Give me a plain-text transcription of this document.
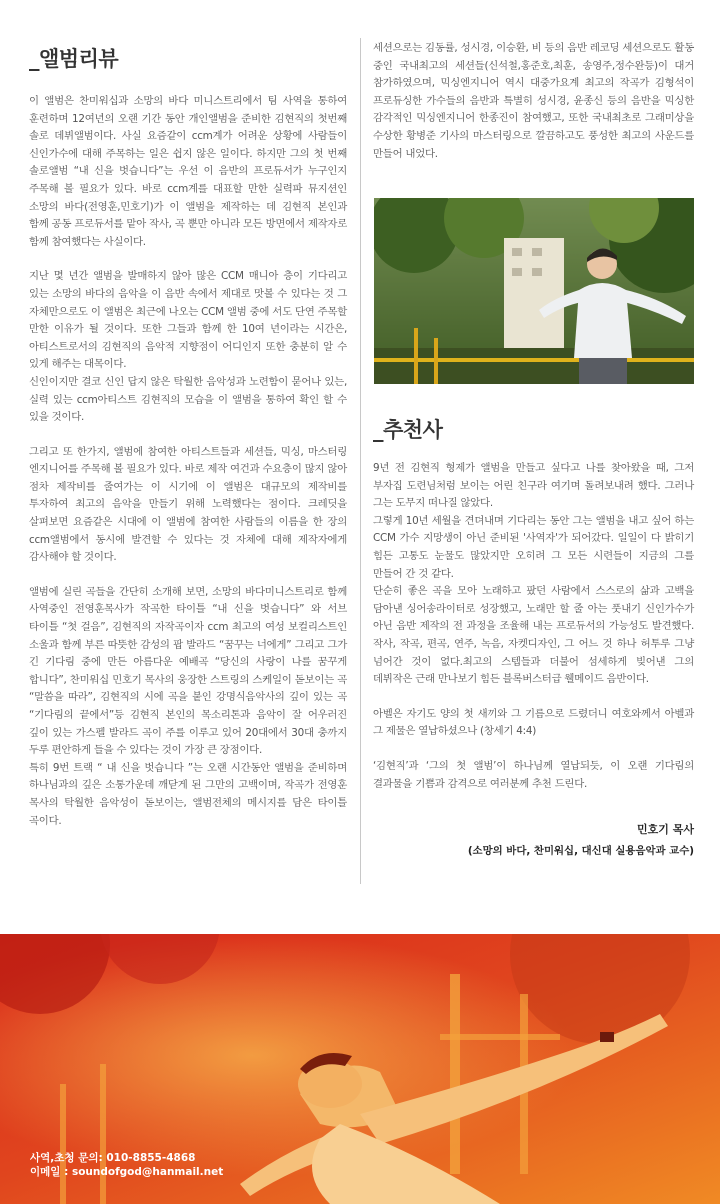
_앨범리뷰
이 앨범은 찬미워십과 소망의 바다 미니스트리에서 팀 사역을 통하여 훈련하며 12여년의 오랜 기간 동안 개인앨범을 준비한 김현직의 첫번째 솔로 데뷔앨범이다. 사실 요즘같이 ccm계가 어려운 상황에 사람들이 신인가수에 대해 주목하는 일은 쉽지 않은 일이다. 하지만 그의 첫 번째 솔로앨범 “내 신을 벗습니다”는 우선 이 음반의 프로듀서가 누구인지 주목해 볼 필요가 있다. 바로 ccm계를 대표할 만한 실력파 뮤지션인 소망의 바다(전영훈,민호기)가 이 앨범을 제작하는 데 김현직 본인과 함께 공동 프로듀서를 맡아 작사, 곡 뿐만 아니라 모든 방면에서 제작자로 함께 참여했다는 사실이다.
지난 몇 년간 앨범을 발매하지 않아 많은 CCM 매니아 층이 기다리고 있는 소망의 바다의 음악을 이 음반 속에서 제대로 맛볼 수 있다는 것 그 자체만으로도 이 앨범은 최근에 나오는 CCM 앨범 중에 서도 단연 주목할 만한 이유가 될 것이다. 또한 그들과 함께 한 10여 년이라는 시간은, 아티스트로서의 김현직의 음악적 지향점이 어디인지 또한 충분히 알 수 있게 해주는 대목이다.
신인이지만 결코 신인 답지 않은 탁월한 음악성과 노련함이 묻어나 있는, 실력 있는 ccm아티스트 김현직의 모습을 이 앨범을 통하여 확인 할 수 있을 것이다.
그리고 또 한가지, 앨범에 참여한 아티스트들과 세션들, 믹싱, 마스터링 엔지니어를 주목해 볼 필요가 있다. 바로 제작 여건과 수요층이 많지 않아 점차 제작비를 줄여가는 이 시기에 이 앨범은 대규모의 제작비를 투자하여 최고의 음악을 만들기 위해 노력했다는 점이다. 크레딧을 살펴보면 요즘같은 시대에 이 앨범에 참여한 사람들의 이름을 한 장의 ccm앨범에서 동시에 발견할 수 있다는 것 자체에 대해 제작자에게 감사해야 할 것이다.
앨범에 실린 곡들을 간단히 소개해 보면, 소망의 바다미니스트리로 함께 사역중인 전영훈목사가 작곡한 타이틀 “내 신을 벗습니다” 와 서브 타이틀 “첫 걸음”, 김현직의 자작곡이자 ccm 최고의 여성 보컬리스트인 소울과 함께 부른 따뜻한 감성의 팝 발라드 “꿈꾸는 너에게” 그리고 그가 긴 기다림 중에 만든 아름다운 예배곡 “당신의 사랑이 나를 꿈꾸게 합니다”, 찬미워십 민호기 목사의 웅장한 스트링의 스케일이 돋보이는 곡 “말씀을 따라”, 김현직의 시에 곡을 붙인 강명식음악사의 깊이 있는 곡 “기다림의 끝에서”등 김현직 본인의 목소리톤과 음악이 잘 어우러진 깊이 있는 가스펠 발라드 곡이 주를 이루고 있어 20대에서 30대 충까지 두루 편안하게 들을 수 있다는 것이 가장 큰 장점이다.
특히 9번 트랙 “ 내 신을 벗습니다 ”는 오랜 시간동안 앨범을 준비하며 하나님과의 깊은 소통가운데 깨닫게 된 그만의 고백이며, 작곡가 전영훈 목사의 탁월한 음악성이 돋보이는, 앨범전체의 메시지를 담은 타이틀 곡이다.
세션으로는 김동률, 성시경, 이승환, 비 등의 음반 레코딩 세션으로도 활동 중인 국내최고의 세션들(신석철,홍준호,최훈, 송영주,정수완등)이 대거 참가하였으며, 믹싱엔지니어 역시 대중가요계 최고의 작곡가 김형석이 프로듀싱한 가수들의 음반과 특별히 성시경, 윤종신 등의 음반을 믹싱한 감각적인 믹싱엔지니어 한종진이 참여했고, 또한 국내최초로 그래미상을 수상한 황병준 기사의 마스터링으로 깔끔하고도 풍성한 최고의 사운드를 만들어 내었다.
_추천사
9년 전 김현직 형제가 앨범을 만들고 싶다고 나를 찾아왔을 때, 그저 부자집 도련님처럼 보이는 어린 친구라 여기며 돌려보내려 했다. 그러나 그는 도무지 떠나질 않았다.
그렇게 10년 세월을 견뎌내며 기다리는 동안 그는 앨범을 내고 싶어 하는 CCM 가수 지망생이 아닌 준비된 '사역자'가 되어갔다. 일일이 다 밝히기 힘든 고통도 눈물도 많았지만 오히려 그 모든 시련들이 지금의 그를 만들어 간 것 같다.
단순히 좋은 곡을 모아 노래하고 팠던 사람에서 스스로의 삶과 고백을 담아낸 싱어송라이터로 성장했고, 노래만 할 줄 아는 풋내기 신인가수가 아닌 음반 제작의 전 과정을 조율해 내는 프로듀서의 가능성도 발견했다. 작사, 작곡, 편곡, 연주, 녹음, 자켓디자인, 그 어느 것 하나 허투루 그냥 넘어간 것이 없다.최고의 스텝들과 더불어 섬세하게 빚어낸 그의 데뷔작은 근래 만나보기 힘든 블록버스터급 웰메이드 음반이다.
아벨은 자기도 양의 첫 새끼와 그 기름으로 드렸더니 여호와께서 아벨과 그 제물은 열납하셨으나 (창세기 4:4)
‘김현직’과 ‘그의 첫 앨범’이 하나님께 열납되듯, 이 오랜 기다림의 결과물을 기쁨과 감격으로 여러분께 추천 드린다.
민호기 목사
(소망의 바다, 찬미워십, 대신대 실용음악과 교수)
사역,초청 문의: 010-8855-4868
이메일 : soundofgod@hanmail.net
